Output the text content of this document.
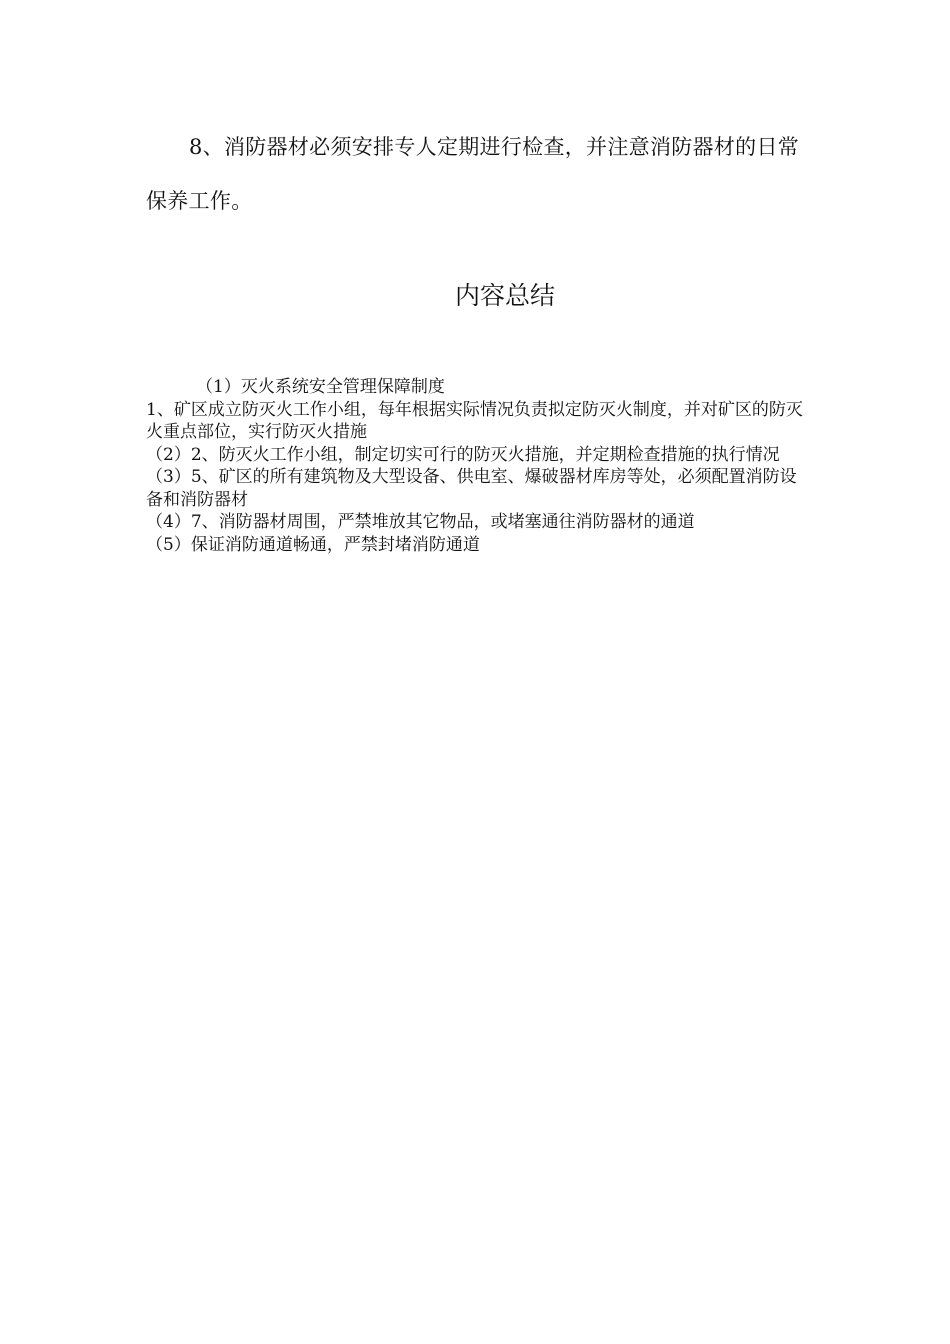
8、消防器材必须安排专人定期进行检查，并注意消防器材的日常保养工作。

内容总结
（1）灭火系统安全管理保障制度
1、矿区成立防灭火工作小组，每年根据实际情况负责拟定防灭火制度，并对矿区的防灭火重点部位，实行防灭火措施
（2）2、防灭火工作小组，制定切实可行的防灭火措施，并定期检查措施的执行情况
（3）5、矿区的所有建筑物及大型设备、供电室、爆破器材库房等处，必须配置消防设备和消防器材
（4）7、消防器材周围，严禁堆放其它物品，或堵塞通往消防器材的通道
（5）保证消防通道畅通，严禁封堵消防通道
